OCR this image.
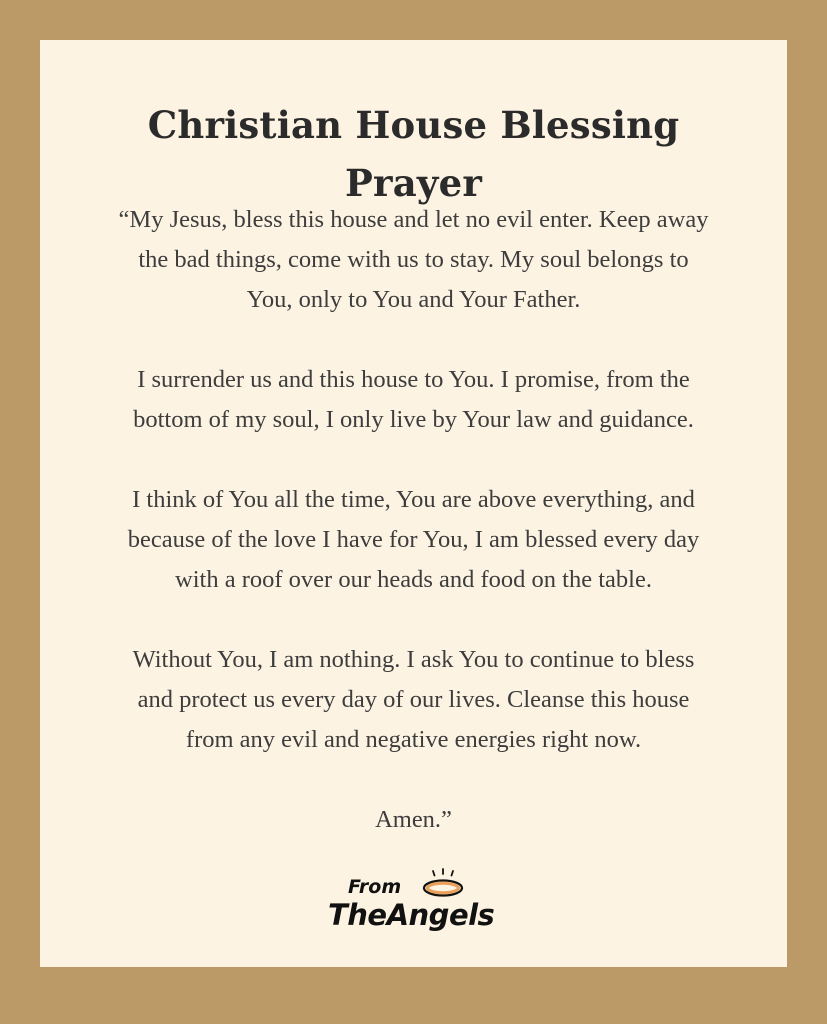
Christian House Blessing
Prayer

“My Jesus, bless this house and let no evil enter. Keep away
the bad things, come with us to stay. My soul belongs to
You, only to You and Your Father.

I surrender us and this house to You. I promise, from the
bottom of my soul, I only live by Your law and guidance.

I think of You all the time, You are above everything, and
because of the love I have for You, I am blessed every day
with a roof over our heads and food on the table.

Without You, I am nothing. I ask You to continue to bless
and protect us every day of our lives. Cleanse this house
from any evil and negative energies right now.

Amen.”

From
TheAngels
